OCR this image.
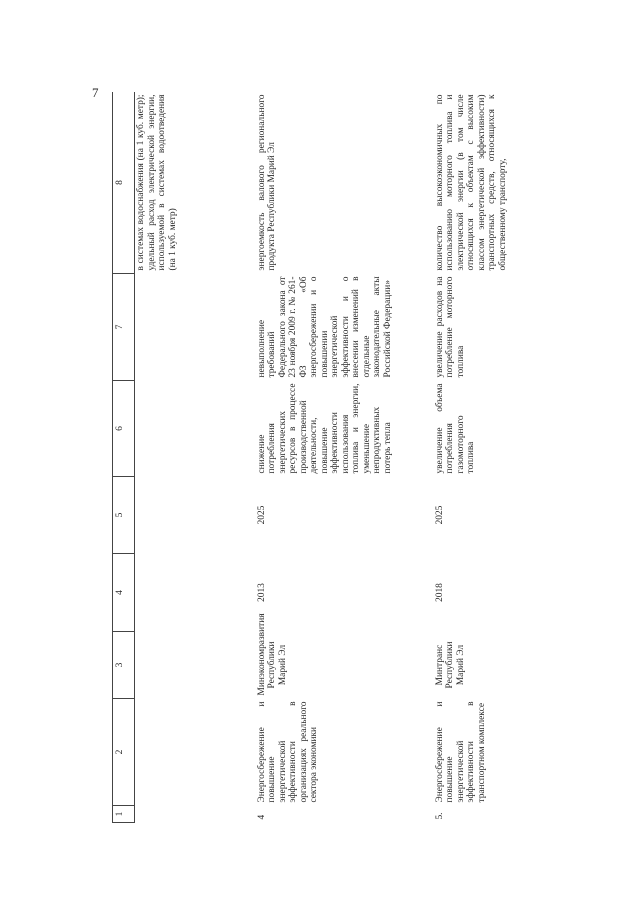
7
1	2	3	4	5	6	7	8
							в системах водоснабжения (на 1 куб. метр); удельный расход электрической энергии, используемой в системах водоотведения (на 1 куб. метр)
4	Энергосбережение и повышение энергетической эффективности в организациях реального сектора экономики	Минэкономразвития Республики Марий Эл	2013	2025	снижение потребления энергетических ресурсов в процессе производственной деятельности, повышение эффективности использования топлива и энергии, уменьшение непродуктивных потерь тепла	невыполнение требований Федерального закона от 23 ноября 2009 г. № 261-ФЗ «Об энергосбережении и о повышении энергетической эффективности и о внесении изменений в отдельные законодательные акты Российской Федерации»	энергоемкость валового регионального продукта Республики Марий Эл
5.	Энергосбережение и повышение энергетической эффективности в транспортном комплексе	Минтранс Республики Марий Эл	2018	2025	увеличение объема потребления газомоторного топлива	увеличение расходов на потребление моторного топлива	количество высокоэкономичных по использованию моторного топлива и электрической энергии (в том числе относящихся к объектам с высоким классом энергетической эффективности) транспортных средств, относящихся к общественному транспорту,
